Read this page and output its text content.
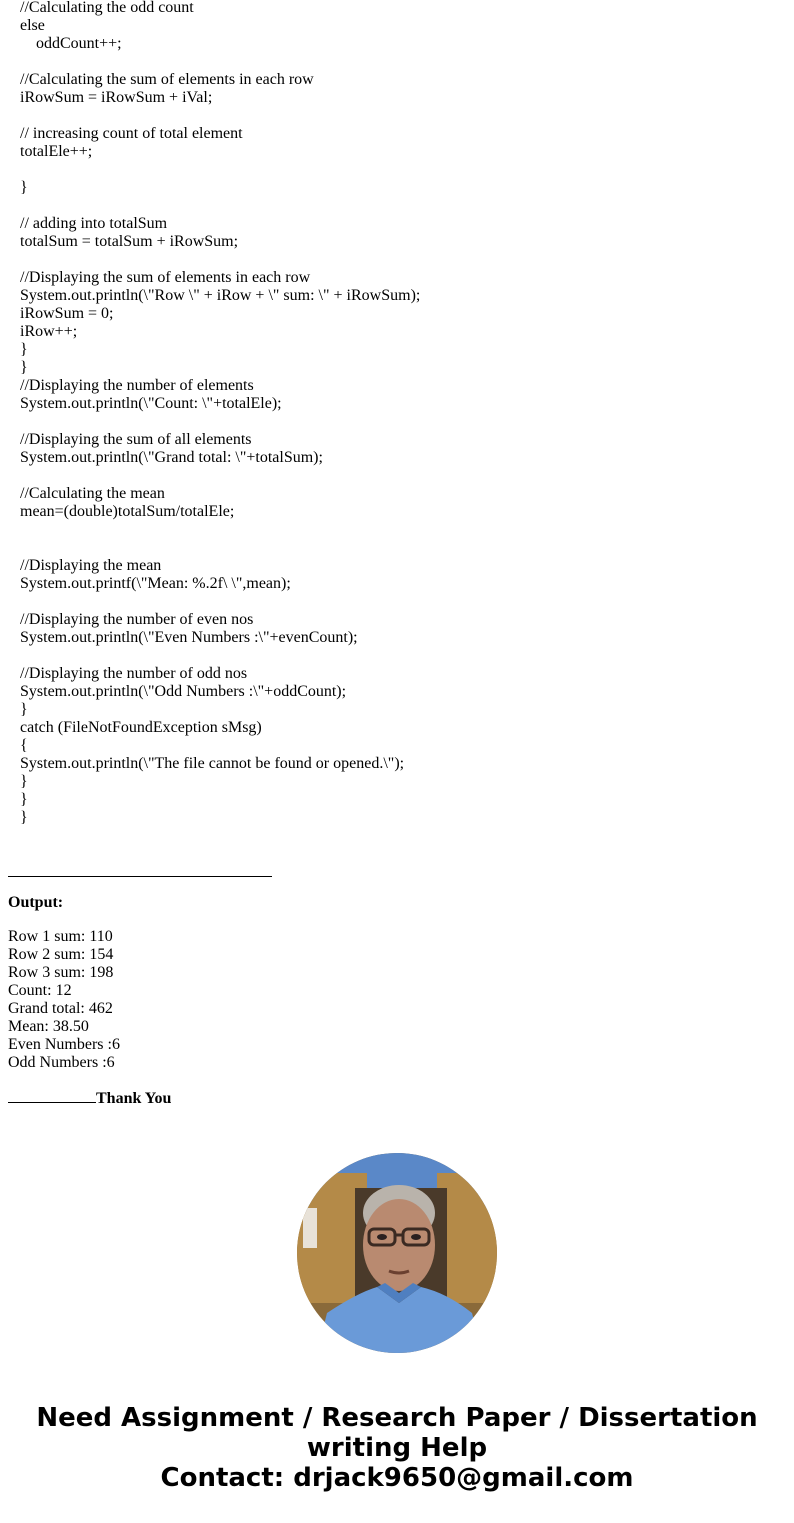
//Calculating the odd count
else
oddCount++;
//Calculating the sum of elements in each row
iRowSum = iRowSum + iVal;
// increasing count of total element
totalEle++;
}
// adding into totalSum
totalSum = totalSum + iRowSum;
//Displaying the sum of elements in each row
System.out.println(\"Row \" + iRow + \" sum: \" + iRowSum);
iRowSum = 0;
iRow++;
}
}
//Displaying the number of elements
System.out.println(\"Count: \"+totalEle);
//Displaying the sum of all elements
System.out.println(\"Grand total: \"+totalSum);
//Calculating the mean
mean=(double)totalSum/totalEle;
//Displaying the mean
System.out.printf(\"Mean: %.2f\ \",mean);
//Displaying the number of even nos
System.out.println(\"Even Numbers :\"+evenCount);
//Displaying the number of odd nos
System.out.println(\"Odd Numbers :\"+oddCount);
}
catch (FileNotFoundException sMsg)
{
System.out.println(\"The file cannot be found or opened.\");
}
}
}
Output:
Row 1 sum: 110
Row 2 sum: 154
Row 3 sum: 198
Count: 12
Grand total: 462
Mean: 38.50
Even Numbers :6
Odd Numbers :6
Thank You
Need Assignment / Research Paper / Dissertation
writing Help
Contact: drjack9650@gmail.com
